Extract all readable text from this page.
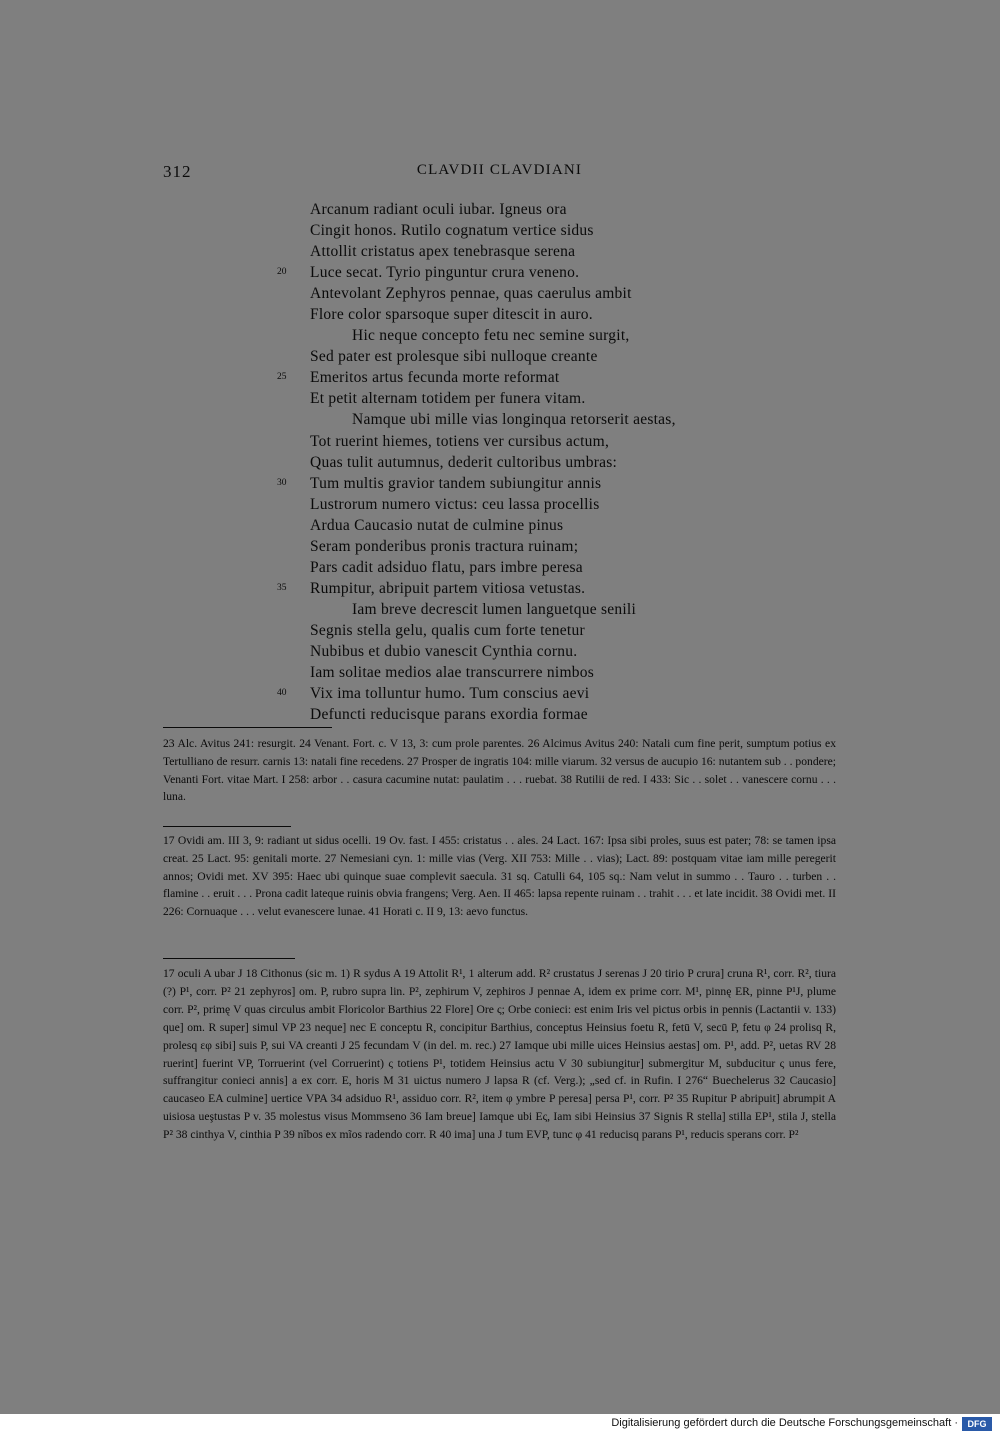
312	CLAVDII CLAVDIANI
Arcanum radiant oculi iubar. Igneus ora
Cingit honos. Rutilo cognatum vertice sidus
Attollit cristatus apex tenebrasque serena
20 Luce secat. Tyrio pinguntur crura veneno.
Antevolant Zephyros pennae, quas caerulus ambit
Flore color sparsoque super ditescit in auro.
Hic neque concepto fetu nec semine surgit,
Sed pater est prolesque sibi nulloque creante
25 Emeritos artus fecunda morte reformat
Et petit alternam totidem per funera vitam.
Namque ubi mille vias longinqua retorserit aestas,
Tot ruerint hiemes, totiens ver cursibus actum,
Quas tulit autumnus, dederit cultoribus umbras:
30 Tum multis gravior tandem subiungitur annis
Lustrorum numero victus: ceu lassa procellis
Ardua Caucasio nutat de culmine pinus
Seram ponderibus pronis tractura ruinam;
Pars cadit adsiduo flatu, pars imbre peresa
35 Rumpitur, abripuit partem vitiosa vetustas.
Iam breve decrescit lumen languetque senili
Segnis stella gelu, qualis cum forte tenetur
Nubibus et dubio vanescit Cynthia cornu.
Iam solitae medios alae transcurrere nimbos
40 Vix ima tolluntur humo. Tum conscius aevi
Defuncti reducisque parans exordia formae

23 Alc. Avitus 241: resurgit. 24 Venant. Fort. c. V 13, 3: cum prole parentes. 26 Alcimus Avitus 240: Natali cum fine perit, sumptum potius ex Tertulliano de resurr. carnis 13: natali fine recedens. 27 Prosper de ingratis 104: mille viarum. 32 versus de aucupio 16: nutantem sub . . pondere; Venanti Fort. vitae Mart. I 258: arbor . . casura cacumine nutat: paulatim . . . ruebat. 38 Rutilii de red. I 433: Sic . . solet . . vanescere cornu . . . luna.

17 Ovidi am. III 3, 9: radiant ut sidus ocelli. 19 Ov. fast. I 455: cristatus . . ales. 24 Lact. 167: Ipsa sibi proles, suus est pater; 78: se tamen ipsa creat. 25 Lact. 95: genitali morte. 27 Nemesiani cyn. 1: mille vias (Verg. XII 753: Mille . . vias); Lact. 89: postquam vitae iam mille peregerit annos; Ovidi met. XV 395: Haec ubi quinque suae complevit saecula. 31 sq. Catulli 64, 105 sq.: Nam velut in summo . . Tauro . . turben . . flamine . . eruit . . . Prona cadit lateque ruinis obvia frangens; Verg. Aen. II 465: lapsa repente ruinam . . trahit . . . et late incidit. 38 Ovidi met. II 226: Cornuaque . . . velut evanescere lunae. 41 Horati c. II 9, 13: aevo functus.

17 oculi A ubar J 18 Cithonus (sic m. 1) R sydus A 19 Attolit R¹, 1 alterum add. R² crustatus J serenas J 20 tirio P crura] cruna R¹, corr. R², tiura (?) P¹, corr. P² 21 zephyros] om. P, rubro supra lin. P², zephirum V, zephiros J pennae A, idem ex prime corr. M¹, pinnę ER, pinne P¹J, plume corr. P², primę V quas circulus ambit Floricolor Barthius 22 Flore] Ore ς; Orbe conieci: est enim Iris vel pictus orbis in pennis (Lactantii v. 133) que] om. R super] simul VP 23 neque] nec E conceptu R, concipitur Barthius, conceptus Heinsius foetu R, fetū V, secū P, fetu φ 24 prolisq R, prolesq εφ sibi] suis P, sui VA creanti J 25 fecundam V (in del. m. rec.) 27 Iamque ubi mille uices Heinsius aestas] om. P¹, add. P², uetas RV 28 ruerint] fuerint VP, Torruerint (vel Corruerint) ς totiens P¹, totidem Heinsius actu V 30 subiungitur] submergitur M, subducitur ς unus fere, suffrangitur conieci annis] a ex corr. E, horis M 31 uictus numero J lapsa R (cf. Verg.); „sed cf. in Rufin. I 276“ Buechelerus 32 Caucasio] caucaseo EA culmine] uertice VPA 34 adsiduo R¹, assiduo corr. R², item φ ymbre P peresa] persa P¹, corr. P² 35 Rupitur P abripuit] abrumpit A uisiosa ueştustas P v. 35 molestus visus Mommseno 36 Iam breue] Iamque ubi Eς, Iam sibi Heinsius 37 Signis R stella] stilla EP¹, stila J, stella P² 38 cinthya V, cinthia P 39 nĩbos ex mĩos radendo corr. R 40 ima] una J tum EVP, tunc φ 41 reducisq parans P¹, reducis sperans corr. P²

Digitalisierung gefördert durch die Deutsche Forschungsgemeinschaft ·	DFG
